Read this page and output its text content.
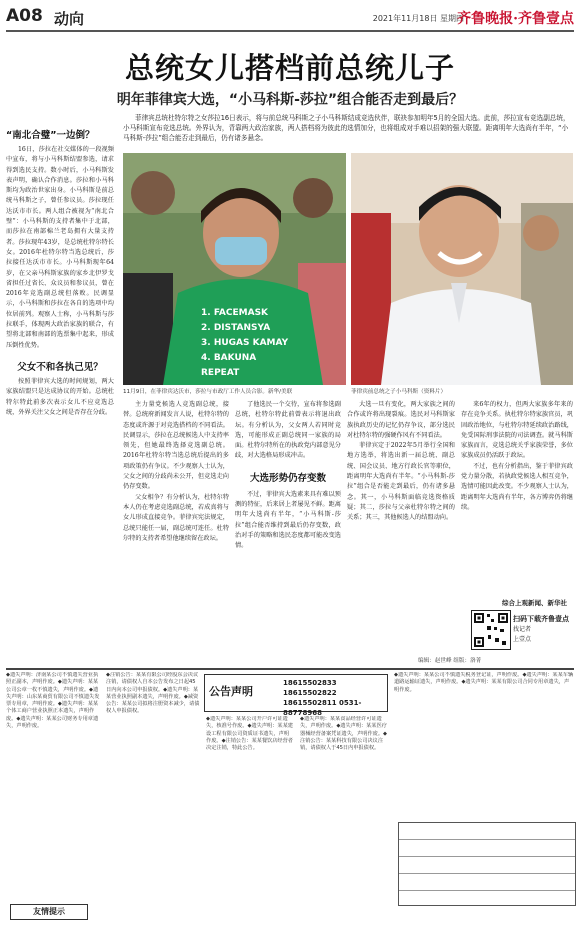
A08 动向	2021年11月18日 星期四
齐鲁晚报·齐鲁壹点
总统女儿搭档前总统儿子
明年菲律宾大选，“小马科斯-莎拉”组合能否走到最后？
菲律宾总统杜特尔特之女莎拉16日表示，将与前总统马科斯之子小马科斯结成竞选伙伴，联袂参加明年5月的全国大选。此前，莎拉宣布竞选副总统，小马科斯宣布竞选总统。外界认为，背靠两大政治家族，两人搭档将为彼此的选情加分，也将组成对手难以招架的强大联盟。距离明年大选尚有半年，“小马科斯-莎拉”组合能否走到最后，仍有诸多悬念。
“南北合璧”一边倒？

16日，莎拉在社交媒体的一段视频中宣布，将与小马科斯结盟参选，请求得到选民支持。数小时后，小马科斯发表声明，确认合作消息。莎拉和小马科斯均为政治世家出身。小马科斯是前总统马科斯之子，曾任参议员。莎拉现任达沃市市长。两人组合被视为“南北合璧”：小马科斯的支持者集中于北部，而莎拉在南部棉兰老岛拥有大量支持者。莎拉现年43岁，是总统杜特尔特长女。2016年杜特尔特当选总统后，莎拉接任达沃市市长。小马科斯现年64岁，在父亲马科斯家族的家乡北伊罗戈省担任过省长、众议员和参议员，曾在2016年竞选副总统但落败。民调显示，小马科斯和莎拉在各自的选项中均位居前列。观察人士称，小马科斯与莎拉联手，体现两大政治家族的联合，有望将北部和南部的选票集中起来，形成压倒性优势。

父女不和各执己见？

按照菲律宾大选的时间规划，两大家族结盟只是达成协议的开始。总统杜特尔特此前多次表示女儿不应竞选总统，外界关注父女之间是否存在分歧。

1. FACEMASK
2. DISTANSYA
3. HUGAS KAMAY
4. BAKUNA
REPEAT
11月9日，在菲律宾达沃市，莎拉与市政厅工作人员合影。新华/美联	菲律宾前总统之子小马科斯（资料片）

主力量党候选人竞选副总统，接替。总统府新闻发言人说，杜特尔特的态度或许源于对竞选搭档的不同看法。民调显示，莎拉在总统候选人中支持率领先，但她最终选择竞选副总统。2016年杜特尔特当选总统后提出的多项政策仍有争议。不少观察人士认为，父女之间的分歧尚未公开，但竞选走向仍存变数。

父女相争？有分析认为，杜特尔特本人仍在考虑竞选副总统，若成真将与女儿形成直接竞争。菲律宾宪法规定，总统只能任一届，副总统可连任。杜特尔特的支持者希望他继续留在政坛。

了他选民一个交待，宣布将参选副总统，杜特尔特此前曾表示将退出政坛。有分析认为，父女两人若同时竞选，可能形成正副总统同一家族的局面。杜特尔特所在的执政党内部意见分歧，对大选格局形成冲击。

大选形势仍存变数

不过，菲律宾大选素来具有难以预测的特征，后来居上者屡见不鲜。距离明年大选尚有半年，“小马科斯-莎拉”组合能否维持到最后仍存变数，政治对手的策略和选民态度都可能改变选情。

大选一旦有变化，两大家族之间的合作或许将出现裂痕。选民对马科斯家族执政历史的记忆仍存争议，部分选民对杜特尔特的强硬作风有不同看法。

菲律宾定于2022年5月举行全国和地方选举，将选出新一届总统、副总统、国会议员、地方行政长官等职位，距离明年大选尚有半年。“小马科斯-莎拉”组合是否能走到最后，仍有诸多悬念。其一，小马科斯面临竞选资格质疑；其二，莎拉与父亲杜特尔特之间的关系；其三，其他候选人的结盟动向。

来6年的权力，但两大家族多年来的存在竞争关系。执杜特尔特家族官员，巩固政治地位，与杜特尔特延续政治路线，免受国际刑事法院的司法调查。就马科斯家族而言，竞选总统关乎家族荣誉，多位家族成员仍活跃于政坛。

不过，也有分析指出，鉴于菲律宾政党力量分散，若执政党候选人相互竞争，选情可能因此改变。不少观察人士认为，距离明年大选尚有半年，各方博弈仍将继续。

综合上观新闻、新华社
扫码下载齐鲁壹点
找记者
上壹点
编辑：赵世峰 组版：洛菁
◆遗失声明：济南某公司不慎遗失营业执照正副本，声明作废。◆遗失声明：某某公司公章一枚不慎遗失，声明作废。◆遗失声明：山东某商贸有限公司不慎遗失发票专用章，声明作废。◆遗失声明：某某个体工商户营业执照正本遗失，声明作废。◆遗失声明：某某公司财务专用章遗失，声明作废。
◆注销公告：某某有限公司经股东会决议注销，请债权人自本公告发布之日起45日内向本公司申报债权。◆遗失声明：某某营业执照副本遗失，声明作废。◆减资公告：某某公司拟将注册资本减少，请债权人申报债权。
公告声明
18615502833 18615502822
18615502811 0531-88778968
◆遗失声明：某某公司开户许可证遗失，核准号作废。◆遗失声明：某某建设工程有限公司资质证书遗失，声明作废。◆注销公告：某某餐饮店经营者决定注销，特此公告。
◆遗失声明：某某食品经营许可证遗失，声明作废。◆遗失声明：某某医疗器械经营备案凭证遗失，声明作废。◆注销公告：某某科技有限公司决议注销，请债权人于45日内申报债权。
◆遗失声明：某某公司不慎遗失税务登记证，声明作废。◆遗失声明：某某车辆道路运输证遗失，声明作废。◆遗失声明：某某有限公司合同专用章遗失，声明作废。
友情提示
